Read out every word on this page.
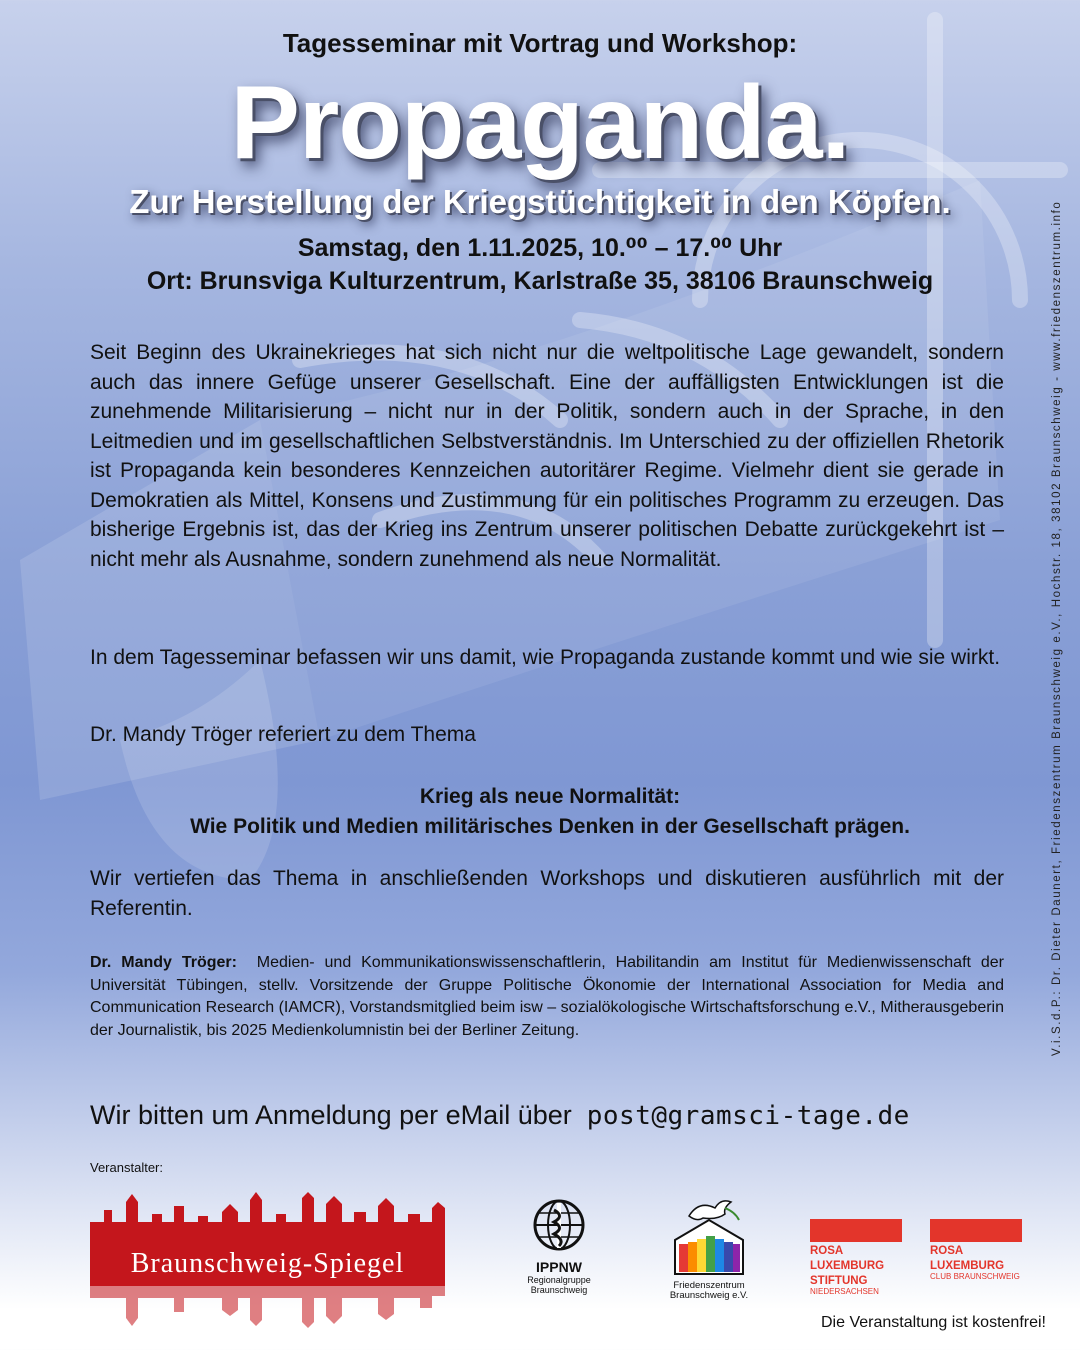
Tagesseminar mit Vortrag und Workshop:
Propaganda.
Zur Herstellung der Kriegstüchtigkeit in den Köpfen.
Samstag, den 1.11.2025, 10.⁰⁰ – 17.⁰⁰ Uhr
Ort: Brunsviga Kulturzentrum, Karlstraße 35, 38106 Braunschweig
Seit Beginn des Ukrainekrieges hat sich nicht nur die weltpolitische Lage gewandelt, sondern auch das innere Gefüge unserer Gesellschaft. Eine der auffälligsten Entwicklungen ist die zunehmende Militarisierung – nicht nur in der Politik, sondern auch in der Sprache, in den Leitmedien und im gesellschaftlichen Selbstverständnis. Im Unterschied zu der offiziellen Rhetorik ist Propaganda kein besonderes Kennzeichen autoritärer Regime. Vielmehr dient sie gerade in Demokratien als Mittel, Konsens und Zustimmung für ein politisches Programm zu erzeugen. Das bisherige Ergebnis ist, das der Krieg ins Zentrum unserer politischen Debatte zurückgekehrt ist – nicht mehr als Ausnahme, sondern zunehmend als neue Normalität.
In dem Tagesseminar befassen wir uns damit, wie Propaganda zustande kommt und wie sie wirkt.
Dr. Mandy Tröger referiert zu dem Thema
Krieg als neue Normalität:
Wie Politik und Medien militärisches Denken in der Gesellschaft prägen.
Wir vertiefen das Thema in anschließenden Workshops und diskutieren ausführlich mit der Referentin.
Dr. Mandy Tröger: Medien- und Kommunikationswissenschaftlerin, Habilitandin am Institut für Medienwissenschaft der Universität Tübingen, stellv. Vorsitzende der Gruppe Politische Ökonomie der International Association for Media and Communication Research (IAMCR), Vorstandsmitglied beim isw – sozialökologische Wirtschaftsforschung e.V., Mitherausgeberin der Journalistik, bis 2025 Medienkolumnistin bei der Berliner Zeitung.
Wir bitten um Anmeldung per eMail über post@gramsci-tage.de
Veranstalter:
Braunschweig-Spiegel	IPPNW
Regionalgruppe Braunschweig	Friedenszentrum
Braunschweig e.V.
ROSA
LUXEMBURG
STIFTUNG
NIEDERSACHSEN
ROSA
LUXEMBURG
CLUB BRAUNSCHWEIG
Die Veranstaltung ist kostenfrei!
V.i.S.d.P.: Dr. Dieter Daunert, Friedenszentrum Braunschweig e.V., Hochstr. 18, 38102 Braunschweig - www.friedenszentrum.info
